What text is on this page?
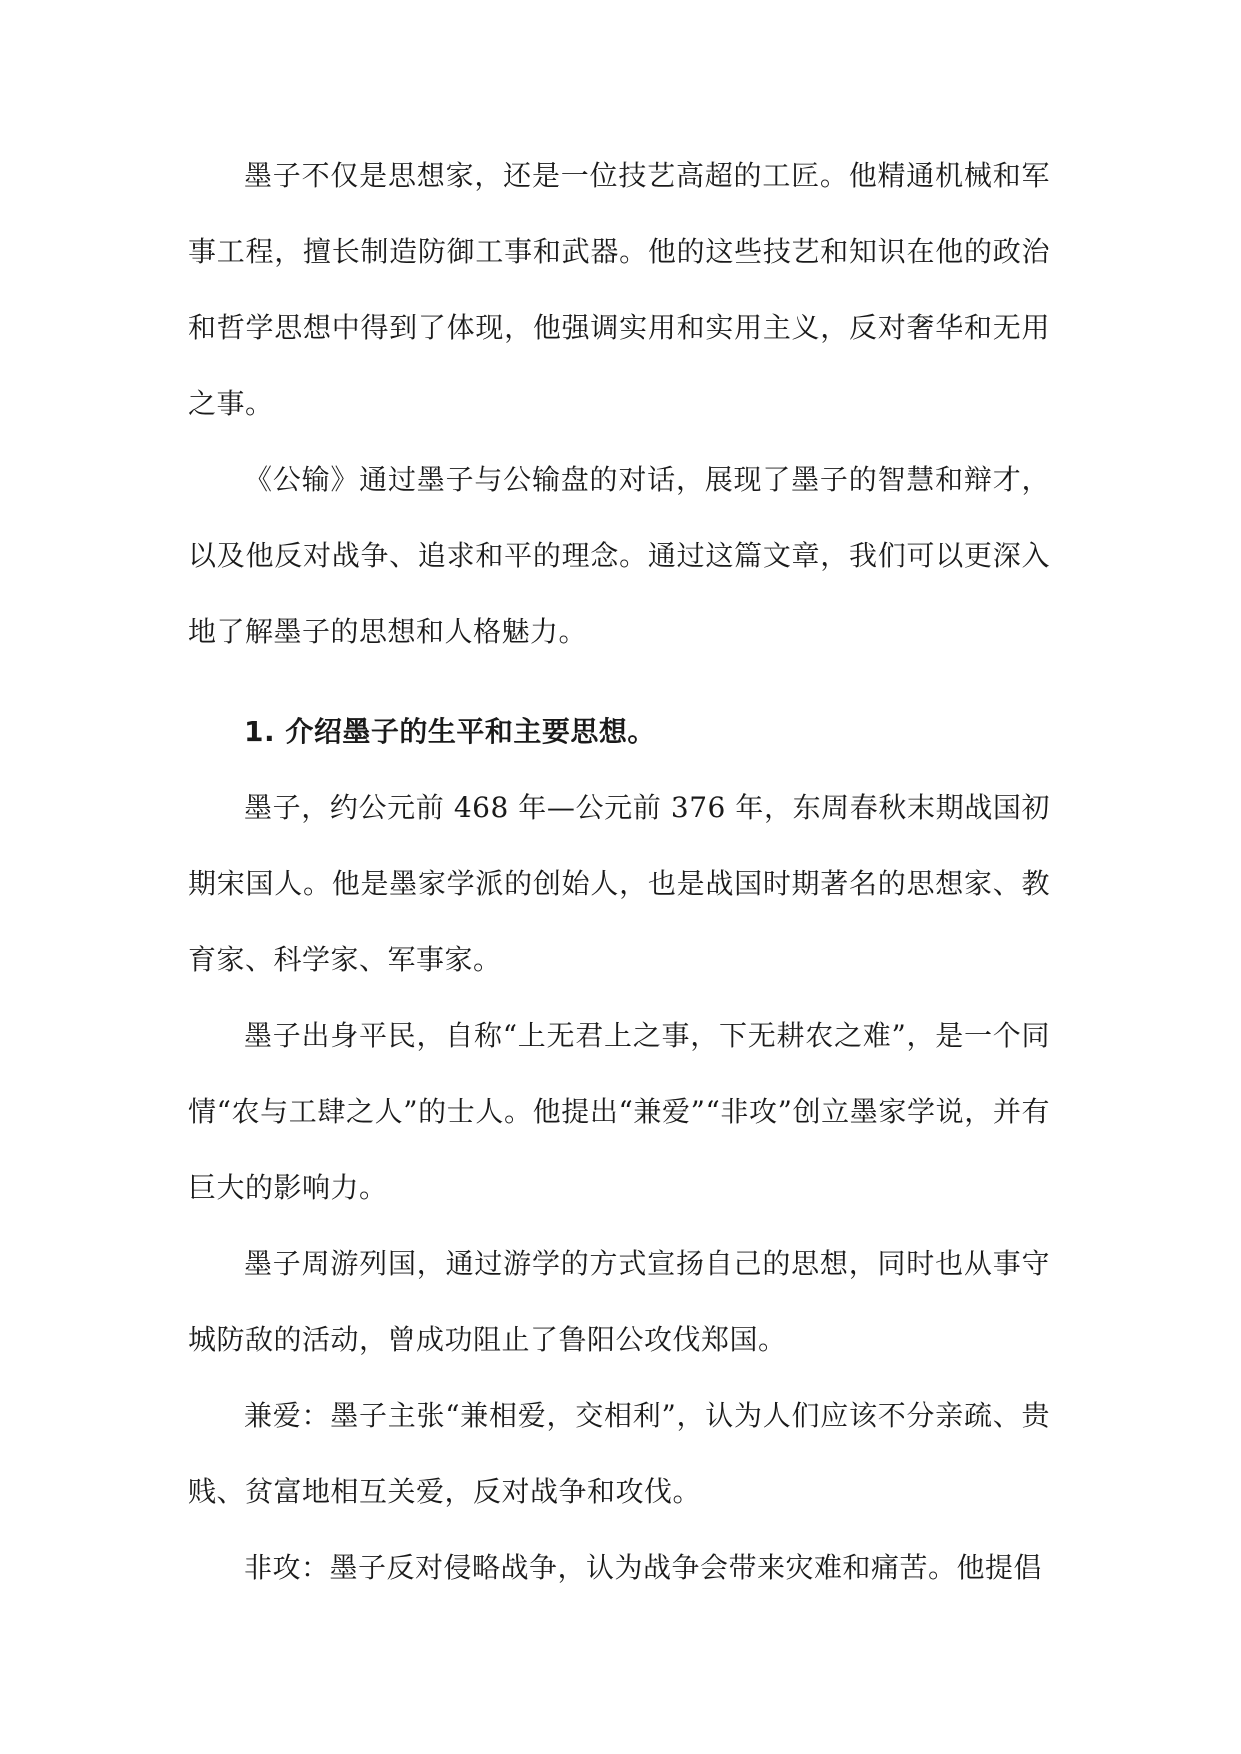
墨子不仅是思想家，还是一位技艺高超的工匠。他精通机械和军事工程，擅长制造防御工事和武器。他的这些技艺和知识在他的政治和哲学思想中得到了体现，他强调实用和实用主义，反对奢华和无用之事。

《公输》通过墨子与公输盘的对话，展现了墨子的智慧和辩才，以及他反对战争、追求和平的理念。通过这篇文章，我们可以更深入地了解墨子的思想和人格魅力。

1. 介绍墨子的生平和主要思想。

墨子，约公元前 468 年—公元前 376 年，东周春秋末期战国初期宋国人。他是墨家学派的创始人，也是战国时期著名的思想家、教育家、科学家、军事家。

墨子出身平民，自称“上无君上之事，下无耕农之难”，是一个同情“农与工肆之人”的士人。他提出“兼爱”“非攻”创立墨家学说，并有巨大的影响力。

墨子周游列国，通过游学的方式宣扬自己的思想，同时也从事守城防敌的活动，曾成功阻止了鲁阳公攻伐郑国。

兼爱：墨子主张“兼相爱，交相利”，认为人们应该不分亲疏、贵贱、贫富地相互关爱，反对战争和攻伐。

非攻：墨子反对侵略战争，认为战争会带来灾难和痛苦。他提倡
